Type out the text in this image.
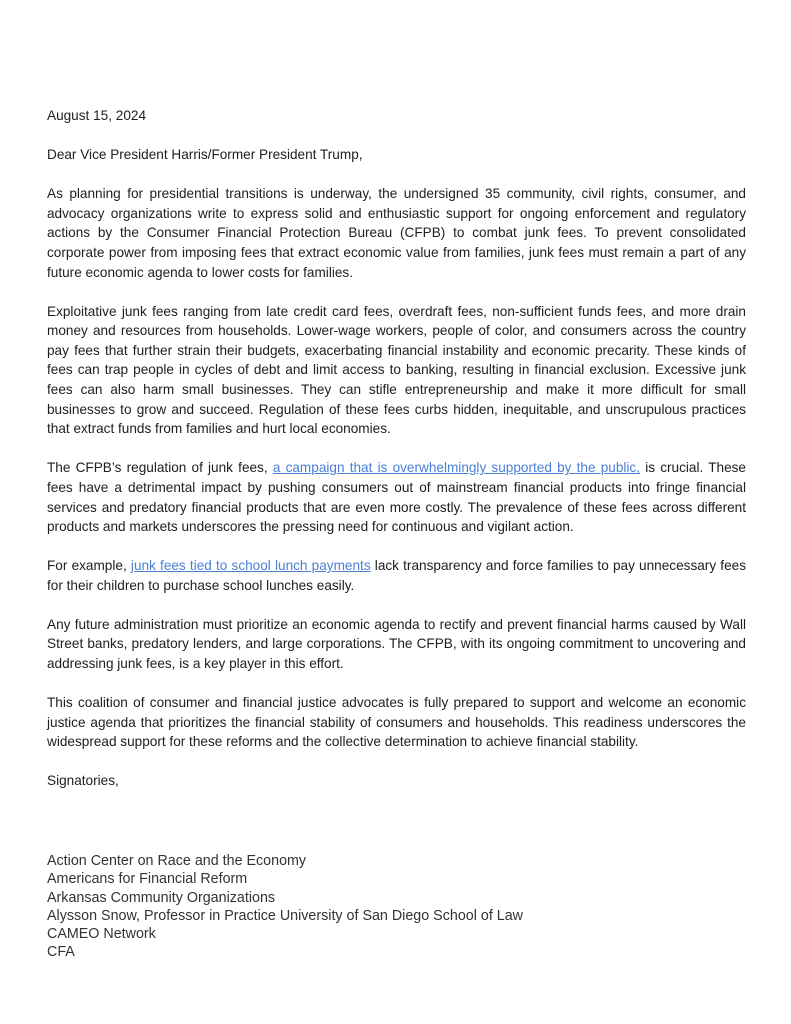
August 15, 2024

Dear Vice President Harris/Former President Trump,

As planning for presidential transitions is underway, the undersigned 35 community, civil rights, consumer, and advocacy organizations write to express solid and enthusiastic support for ongoing enforcement and regulatory actions by the Consumer Financial Protection Bureau (CFPB) to combat junk fees. To prevent consolidated corporate power from imposing fees that extract economic value from families, junk fees must remain a part of any future economic agenda to lower costs for families.

Exploitative junk fees ranging from late credit card fees, overdraft fees, non-sufficient funds fees, and more drain money and resources from households. Lower-wage workers, people of color, and consumers across the country pay fees that further strain their budgets, exacerbating financial instability and economic precarity. These kinds of fees can trap people in cycles of debt and limit access to banking, resulting in financial exclusion. Excessive junk fees can also harm small businesses. They can stifle entrepreneurship and make it more difficult for small businesses to grow and succeed. Regulation of these fees curbs hidden, inequitable, and unscrupulous practices that extract funds from families and hurt local economies.

The CFPB’s regulation of junk fees, a campaign that is overwhelmingly supported by the public, is crucial. These fees have a detrimental impact by pushing consumers out of mainstream financial products into fringe financial services and predatory financial products that are even more costly. The prevalence of these fees across different products and markets underscores the pressing need for continuous and vigilant action.

For example, junk fees tied to school lunch payments lack transparency and force families to pay unnecessary fees for their children to purchase school lunches easily.

Any future administration must prioritize an economic agenda to rectify and prevent financial harms caused by Wall Street banks, predatory lenders, and large corporations. The CFPB, with its ongoing commitment to uncovering and addressing junk fees, is a key player in this effort.

This coalition of consumer and financial justice advocates is fully prepared to support and welcome an economic justice agenda that prioritizes the financial stability of consumers and households. This readiness underscores the widespread support for these reforms and the collective determination to achieve financial stability.

Signatories,

Action Center on Race and the Economy

Americans for Financial Reform

Arkansas Community Organizations

Alysson Snow, Professor in Practice University of San Diego School of Law

CAMEO Network

CFA
